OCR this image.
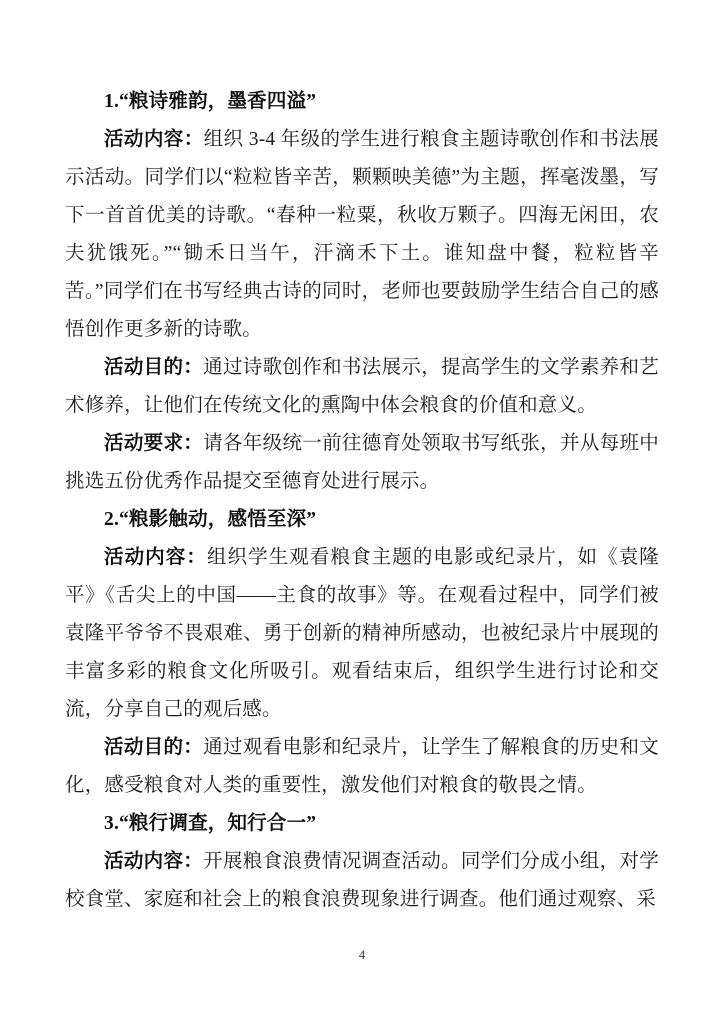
1.“粮诗雅韵，墨香四溢”

活动内容：组织 3-4 年级的学生进行粮食主题诗歌创作和书法展示活动。同学们以“粒粒皆辛苦，颗颗映美德”为主题，挥毫泼墨，写下一首首优美的诗歌。“春种一粒粟，秋收万颗子。四海无闲田，农夫犹饿死。”“锄禾日当午，汗滴禾下土。谁知盘中餐，粒粒皆辛苦。”同学们在书写经典古诗的同时，老师也要鼓励学生结合自己的感悟创作更多新的诗歌。

活动目的：通过诗歌创作和书法展示，提高学生的文学素养和艺术修养，让他们在传统文化的熏陶中体会粮食的价值和意义。

活动要求：请各年级统一前往德育处领取书写纸张，并从每班中挑选五份优秀作品提交至德育处进行展示。

2.“粮影触动，感悟至深”

活动内容：组织学生观看粮食主题的电影或纪录片，如《袁隆平》《舌尖上的中国——主食的故事》等。在观看过程中，同学们被袁隆平爷爷不畏艰难、勇于创新的精神所感动，也被纪录片中展现的丰富多彩的粮食文化所吸引。观看结束后，组织学生进行讨论和交流，分享自己的观后感。

活动目的：通过观看电影和纪录片，让学生了解粮食的历史和文化，感受粮食对人类的重要性，激发他们对粮食的敬畏之情。

3.“粮行调查，知行合一”

活动内容：开展粮食浪费情况调查活动。同学们分成小组，对学校食堂、家庭和社会上的粮食浪费现象进行调查。他们通过观察、采

4
